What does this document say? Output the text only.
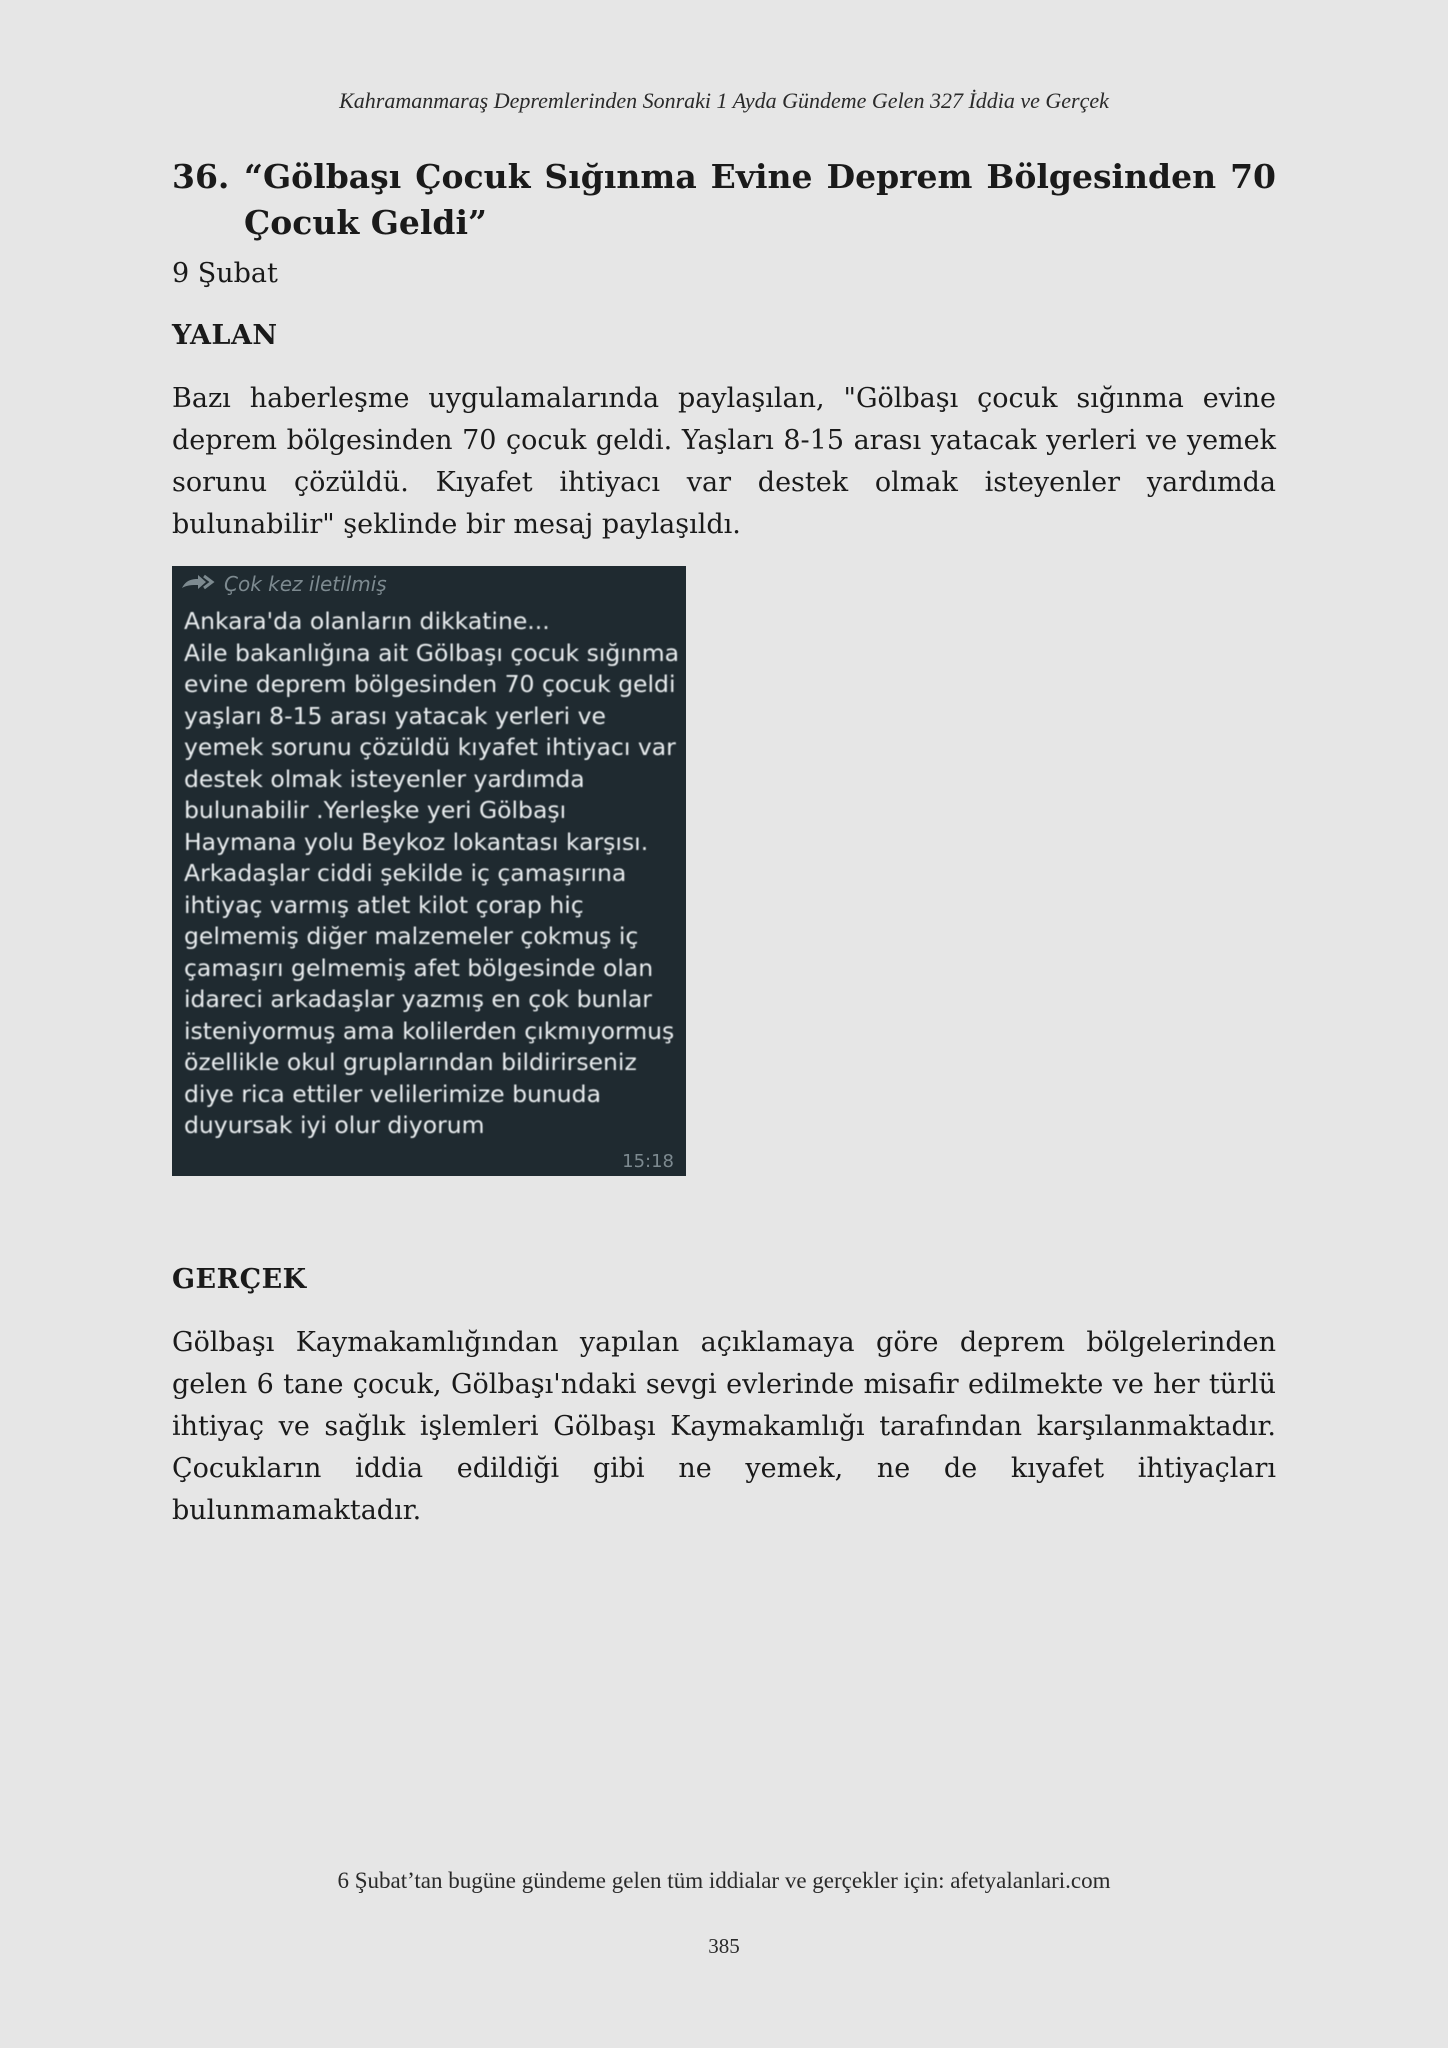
Kahramanmaraş Depremlerinden Sonraki 1 Ayda Gündeme Gelen 327 İddia ve Gerçek
36. “Gölbaşı Çocuk Sığınma Evine Deprem Bölgesinden 70 Çocuk Geldi”
9 Şubat
YALAN
Bazı haberleşme uygulamalarında paylaşılan, "Gölbaşı çocuk sığınma evine deprem bölgesinden 70 çocuk geldi. Yaşları 8-15 arası yatacak yerleri ve yemek sorunu çözüldü. Kıyafet ihtiyacı var destek olmak isteyenler yardımda bulunabilir" şeklinde bir mesaj paylaşıldı.
Çok kez iletilmiş
Ankara'da olanların dikkatine...
Aile bakanlığına ait Gölbaşı çocuk sığınma evine deprem bölgesinden 70 çocuk geldi yaşları 8-15 arası yatacak yerleri ve yemek sorunu çözüldü kıyafet ihtiyacı var destek olmak isteyenler yardımda bulunabilir .Yerleşke yeri Gölbaşı Haymana yolu Beykoz lokantası karşısı.
Arkadaşlar ciddi şekilde iç çamaşırına ihtiyaç varmış atlet kilot çorap hiç gelmemiş diğer malzemeler çokmuş iç çamaşırı gelmemiş afet bölgesinde olan idareci arkadaşlar yazmış en çok bunlar isteniyormuş ama kolilerden çıkmıyormuş özellikle okul gruplarından bildirirseniz diye rica ettiler velilerimize bunuda duyursak iyi olur diyorum
15:18
GERÇEK
Gölbaşı Kaymakamlığından yapılan açıklamaya göre deprem bölgelerinden gelen 6 tane çocuk, Gölbaşı'ndaki sevgi evlerinde misafir edilmekte ve her türlü ihtiyaç ve sağlık işlemleri Gölbaşı Kaymakamlığı tarafından karşılanmaktadır. Çocukların iddia edildiği gibi ne yemek, ne de kıyafet ihtiyaçları bulunmamaktadır.
6 Şubat’tan bugüne gündeme gelen tüm iddialar ve gerçekler için: afetyalanlari.com
385
